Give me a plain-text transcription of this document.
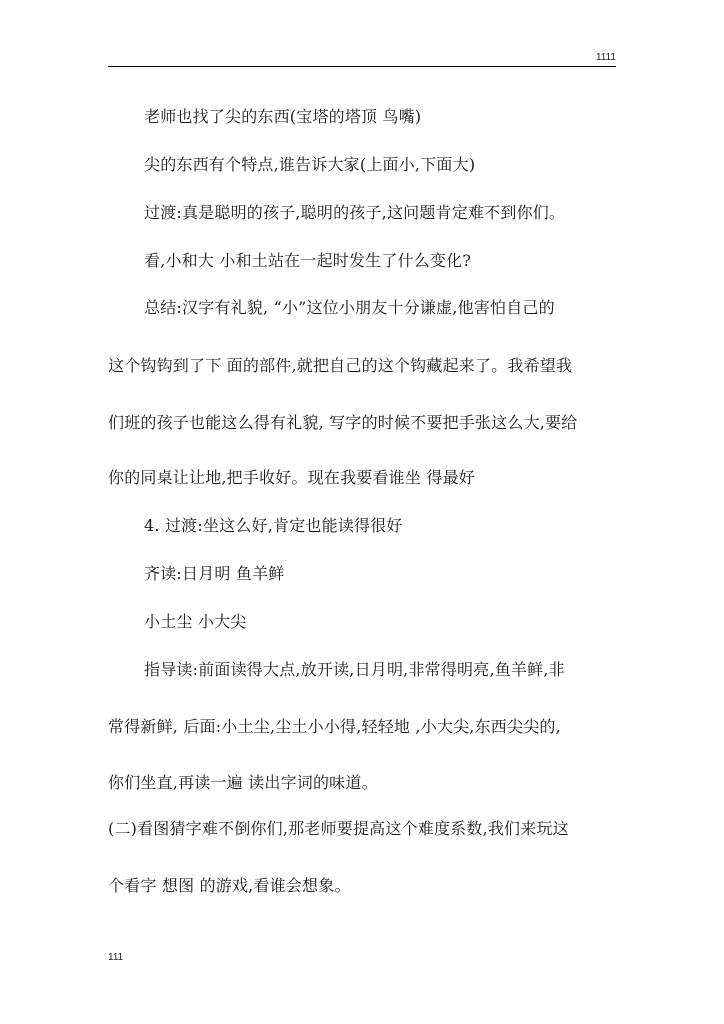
1111
老师也找了尖的东西(宝塔的塔顶 鸟嘴)
尖的东西有个特点,谁告诉大家(上面小,下面大)
过渡:真是聪明的孩子,聪明的孩子,这问题肯定难不到你们。
看,小和大 小和土站在一起时发生了什么变化?
总结:汉字有礼貌, “小”这位小朋友十分谦虚,他害怕自己的
这个钩钩到了下 面的部件,就把自己的这个钩藏起来了。我希望我
们班的孩子也能这么得有礼貌, 写字的时候不要把手张这么大,要给
你的同桌让让地,把手收好。现在我要看谁坐 得最好
4. 过渡:坐这么好,肯定也能读得很好
齐读:日月明 鱼羊鲜
小土尘 小大尖
指导读:前面读得大点,放开读,日月明,非常得明亮,鱼羊鲜,非
常得新鲜, 后面:小土尘,尘土小小得,轻轻地 ,小大尖,东西尖尖的,
你们坐直,再读一遍 读出字词的味道。
(二)看图猜字难不倒你们,那老师要提高这个难度系数,我们来玩这
个看字 想图 的游戏,看谁会想象。
111
